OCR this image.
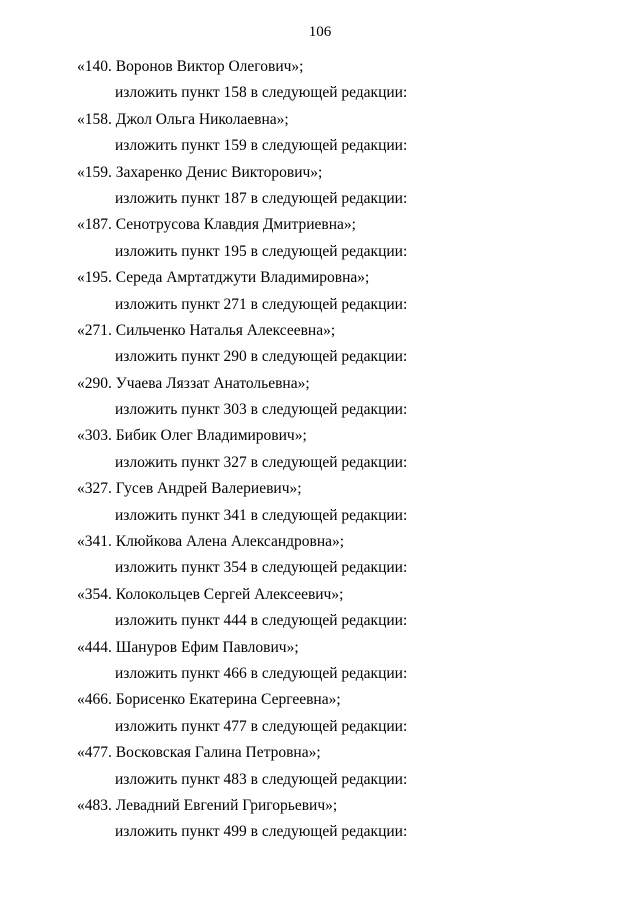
106
«140. Воронов Виктор Олегович»;
изложить пункт 158 в следующей редакции:
«158. Джол Ольга Николаевна»;
изложить пункт 159 в следующей редакции:
«159. Захаренко Денис Викторович»;
изложить пункт 187 в следующей редакции:
«187. Сенотрусова Клавдия Дмитриевна»;
изложить пункт 195 в следующей редакции:
«195. Середа Амртатджути Владимировна»;
изложить пункт 271 в следующей редакции:
«271. Сильченко Наталья Алексеевна»;
изложить пункт 290 в следующей редакции:
«290. Учаева Ляззат Анатольевна»;
изложить пункт 303 в следующей редакции:
«303. Бибик Олег Владимирович»;
изложить пункт 327 в следующей редакции:
«327. Гусев Андрей Валериевич»;
изложить пункт 341 в следующей редакции:
«341. Клюйкова Алена Александровна»;
изложить пункт 354 в следующей редакции:
«354. Колокольцев Сергей Алексеевич»;
изложить пункт 444 в следующей редакции:
«444. Шануров Ефим Павлович»;
изложить пункт 466 в следующей редакции:
«466. Борисенко Екатерина Сергеевна»;
изложить пункт 477 в следующей редакции:
«477. Восковская Галина Петровна»;
изложить пункт 483 в следующей редакции:
«483. Левадний Евгений Григорьевич»;
изложить пункт 499 в следующей редакции:
